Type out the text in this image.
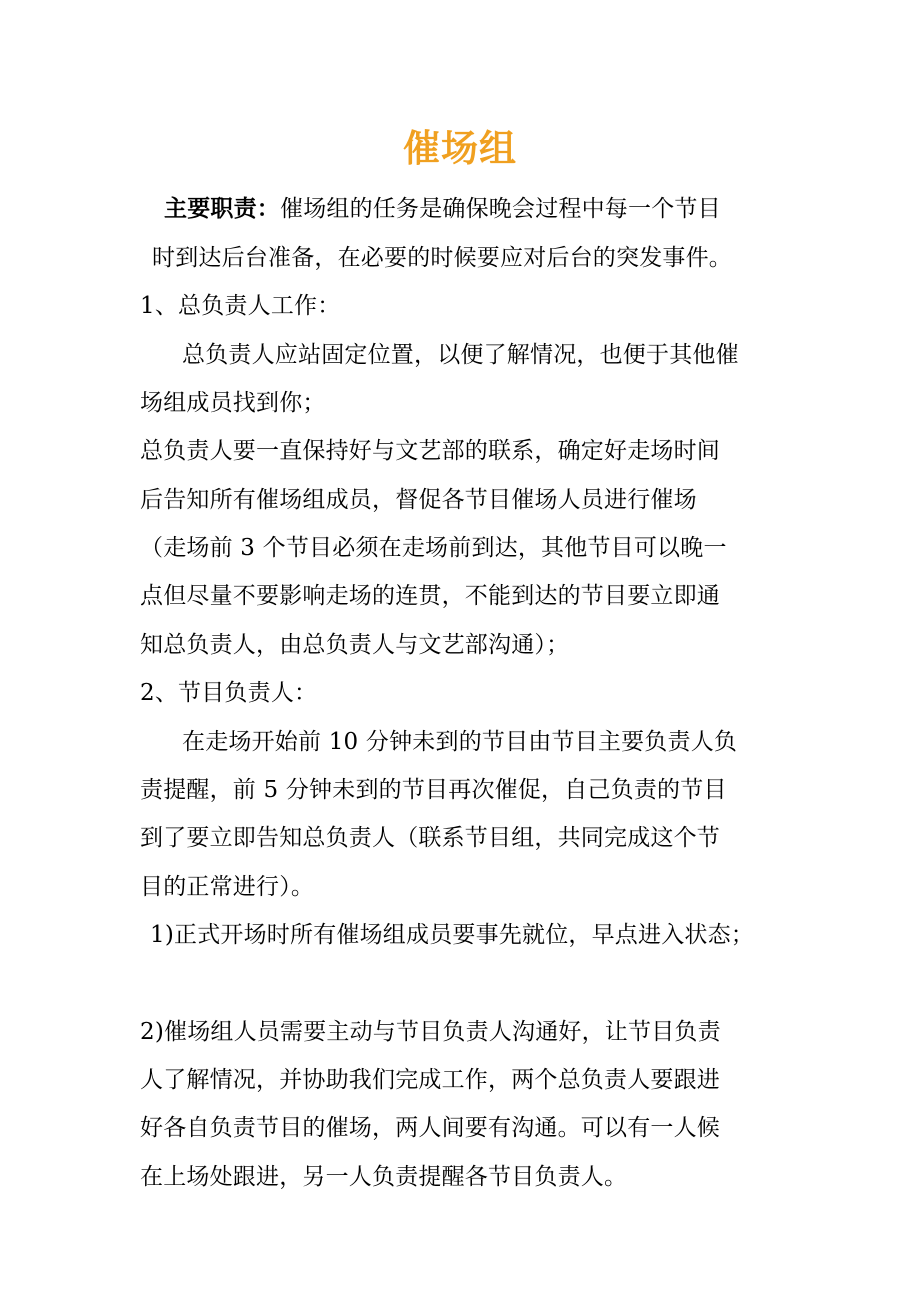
催场组
主要职责：催场组的任务是确保晚会过程中每一个节目
时到达后台准备，在必要的时候要应对后台的突发事件。
1、总负责人工作：
总负责人应站固定位置，以便了解情况，也便于其他催
场组成员找到你；
总负责人要一直保持好与文艺部的联系，确定好走场时间
后告知所有催场组成员，督促各节目催场人员进行催场
（走场前 3 个节目必须在走场前到达，其他节目可以晚一
点但尽量不要影响走场的连贯，不能到达的节目要立即通
知总负责人，由总负责人与文艺部沟通）；
2、节目负责人：
在走场开始前 10 分钟未到的节目由节目主要负责人负
责提醒，前 5 分钟未到的节目再次催促，自己负责的节目
到了要立即告知总负责人（联系节目组，共同完成这个节
目的正常进行）。
1)正式开场时所有催场组成员要事先就位，早点进入状态；
2)催场组人员需要主动与节目负责人沟通好，让节目负责
人了解情况，并协助我们完成工作，两个总负责人要跟进
好各自负责节目的催场，两人间要有沟通。可以有一人候
在上场处跟进，另一人负责提醒各节目负责人。
